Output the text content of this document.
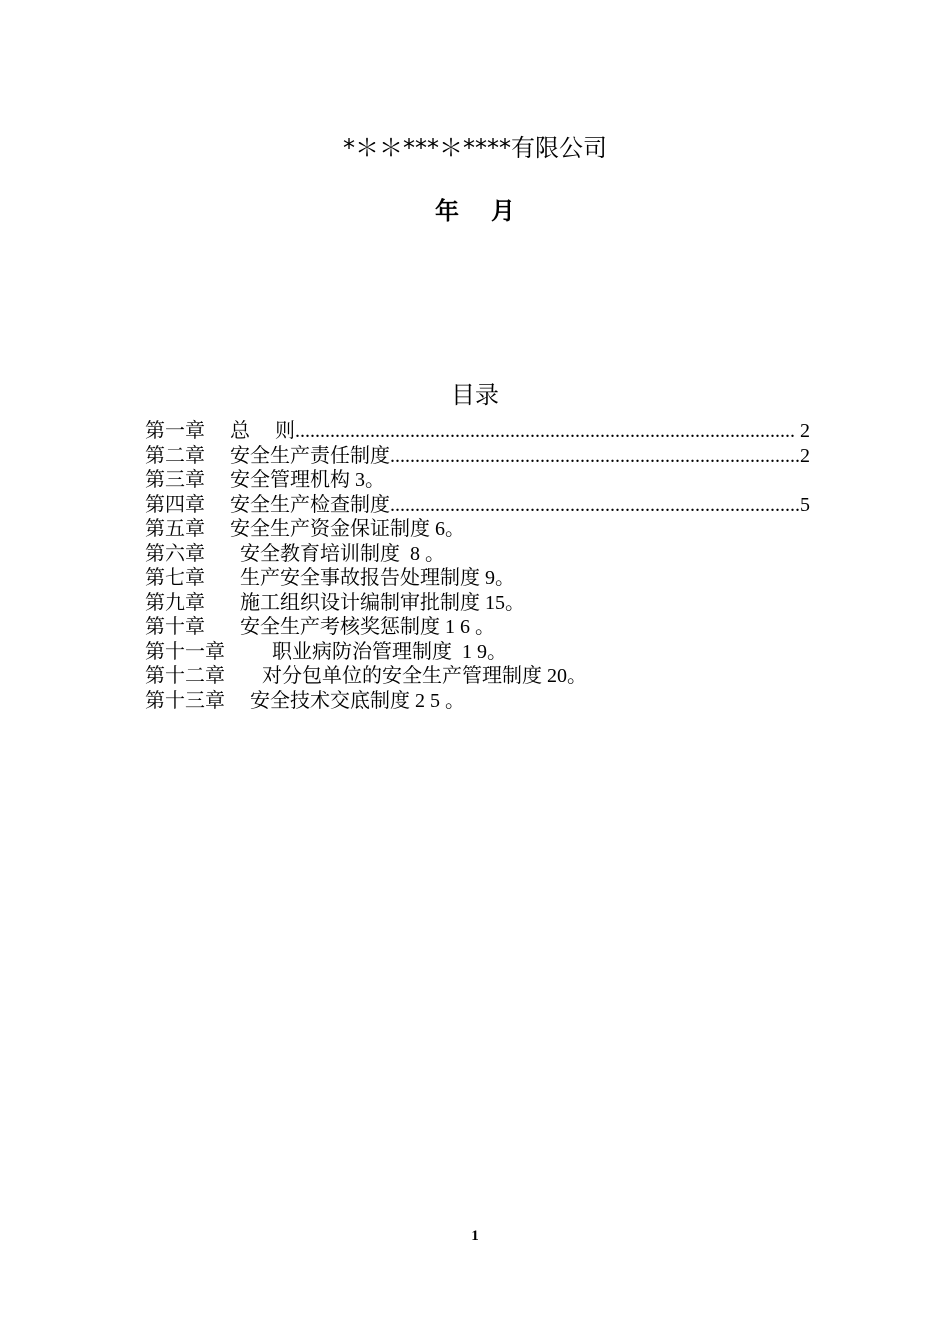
*＊＊***＊****有限公司
年 月
目录
第一章 总　 则 .....	2
第二章 安全生产责任制度 .....	2
第三章 安全管理机构 3。
第四章 安全生产检查制度 .....	5
第五章 安全生产资金保证制度 6。
第六章 安全教育培训制度  8 。
第七章 生产安全事故报告处理制度 9。
第九章 施工组织设计编制审批制度 15。
第十章 安全生产考核奖惩制度 1 6 。
第十一章 职业病防治管理制度  1 9。
第十二章 对分包单位的安全生产管理制度 20。
第十三章 安全技术交底制度 2 5 。
1
